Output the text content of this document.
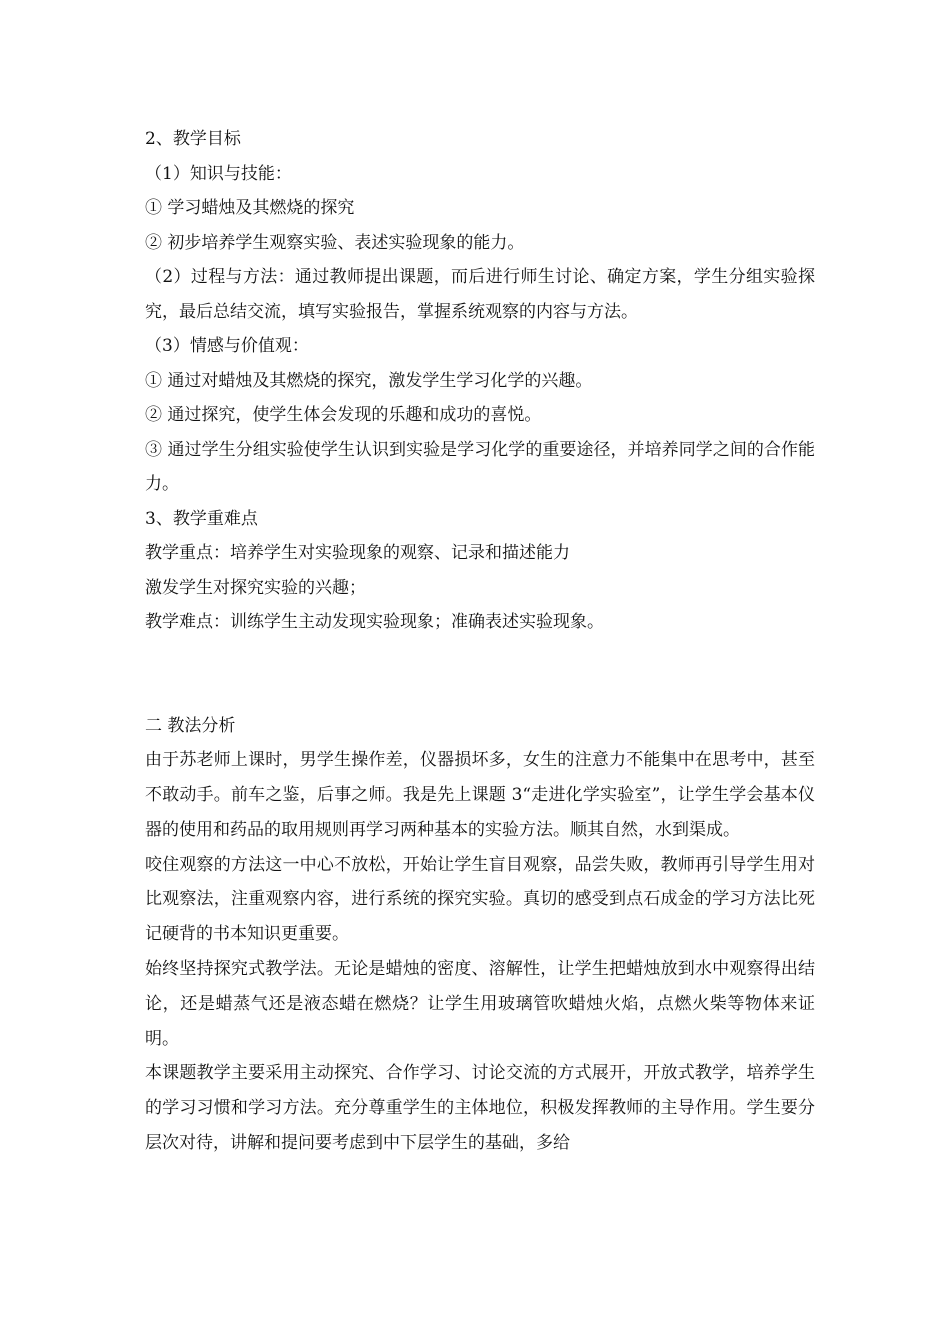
2、教学目标

（1）知识与技能：

① 学习蜡烛及其燃烧的探究

② 初步培养学生观察实验、表述实验现象的能力。

（2）过程与方法：通过教师提出课题，而后进行师生讨论、确定方案，学生分组实验探究，最后总结交流，填写实验报告，掌握系统观察的内容与方法。

（3）情感与价值观：

① 通过对蜡烛及其燃烧的探究，激发学生学习化学的兴趣。

② 通过探究，使学生体会发现的乐趣和成功的喜悦。

③ 通过学生分组实验使学生认识到实验是学习化学的重要途径，并培养同学之间的合作能力。

3、教学重难点

教学重点：培养学生对实验现象的观察、记录和描述能力

激发学生对探究实验的兴趣；

教学难点：训练学生主动发现实验现象；准确表述实验现象。

二 教法分析

由于苏老师上课时，男学生操作差，仪器损坏多，女生的注意力不能集中在思考中，甚至不敢动手。前车之鉴，后事之师。我是先上课题 3“走进化学实验室”，让学生学会基本仪器的使用和药品的取用规则再学习两种基本的实验方法。顺其自然，水到渠成。

咬住观察的方法这一中心不放松，开始让学生盲目观察，品尝失败，教师再引导学生用对比观察法，注重观察内容，进行系统的探究实验。真切的感受到点石成金的学习方法比死记硬背的书本知识更重要。

始终坚持探究式教学法。无论是蜡烛的密度、溶解性，让学生把蜡烛放到水中观察得出结论，还是蜡蒸气还是液态蜡在燃烧？让学生用玻璃管吹蜡烛火焰，点燃火柴等物体来证明。

本课题教学主要采用主动探究、合作学习、讨论交流的方式展开，开放式教学，培养学生的学习习惯和学习方法。充分尊重学生的主体地位，积极发挥教师的主导作用。学生要分层次对待，讲解和提问要考虑到中下层学生的基础，多给
